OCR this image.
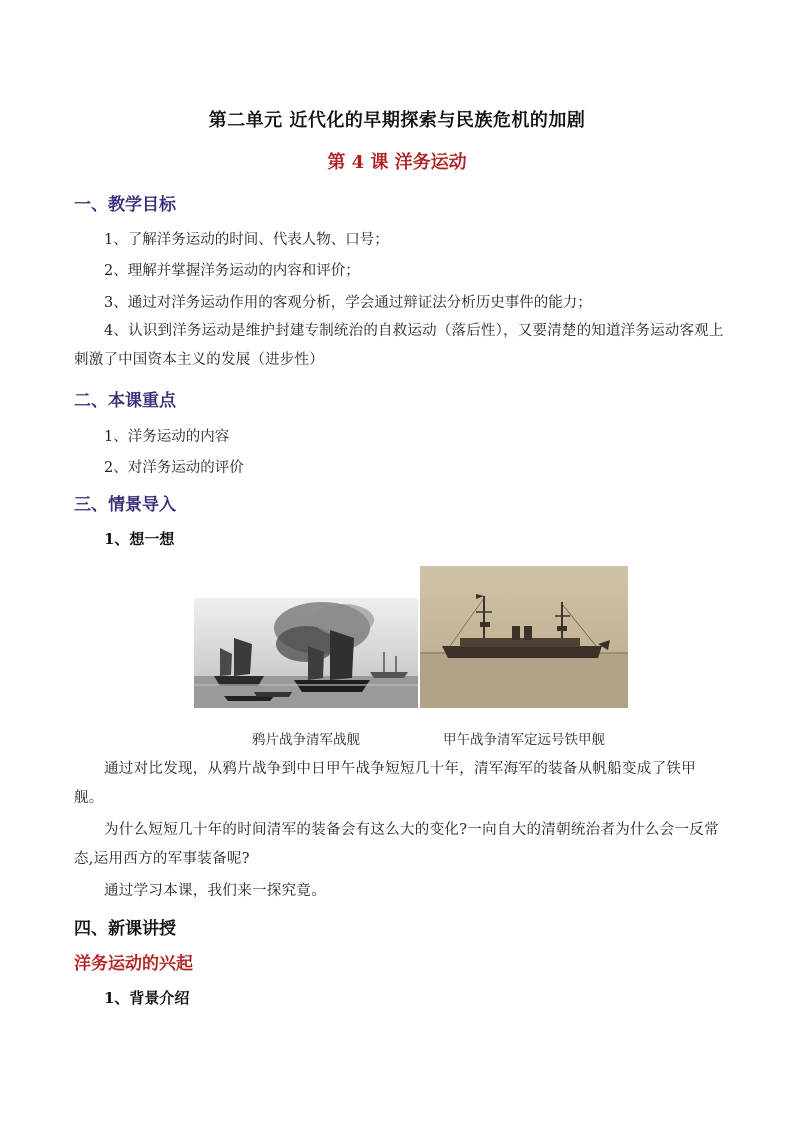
第二单元 近代化的早期探索与民族危机的加剧
第 4 课 洋务运动
一、教学目标
1、了解洋务运动的时间、代表人物、口号；
2、理解并掌握洋务运动的内容和评价；
3、通过对洋务运动作用的客观分析，学会通过辩证法分析历史事件的能力；
4、认识到洋务运动是维护封建专制统治的自救运动（落后性），又要清楚的知道洋务运动客观上刺激了中国资本主义的发展（进步性）
二、本课重点
1、洋务运动的内容
2、对洋务运动的评价
三、情景导入
1、想一想
鸦片战争清军战舰	甲午战争清军定远号铁甲舰
通过对比发现，从鸦片战争到中日甲午战争短短几十年，清军海军的装备从帆船变成了铁甲舰。
为什么短短几十年的时间清军的装备会有这么大的变化?一向自大的清朝统治者为什么会一反常态,运用西方的军事装备呢?
通过学习本课，我们来一探究竟。
四、新课讲授
洋务运动的兴起
1、背景介绍
